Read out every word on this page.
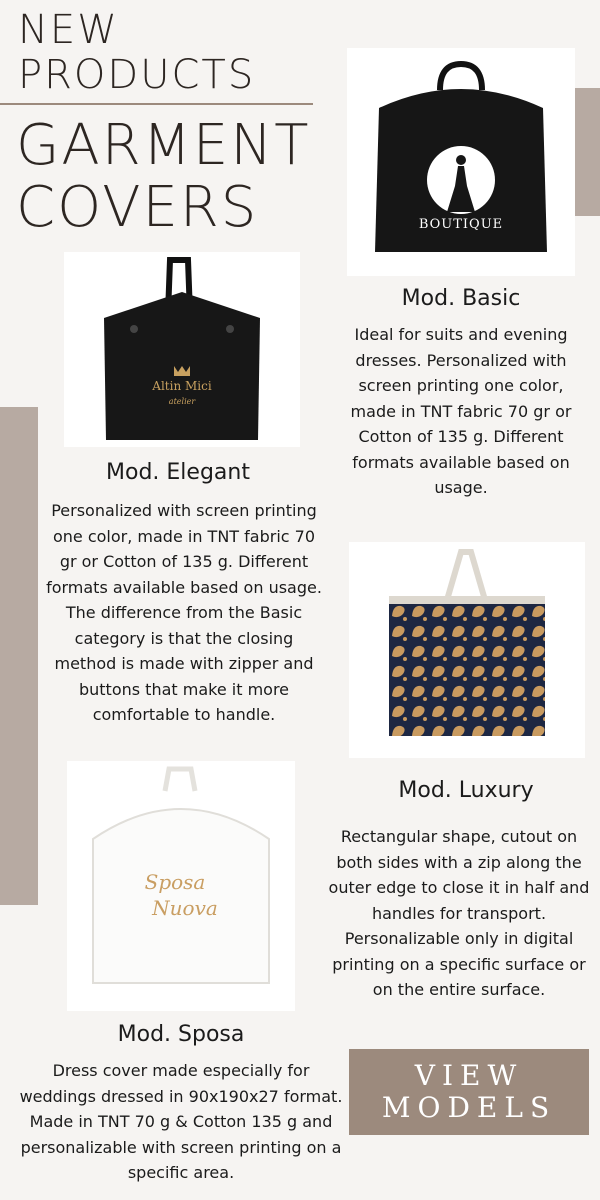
NEW
PRODUCTS
GARMENT
COVERS	BOUTIQUE
Mod. Basic
Ideal for suits and evening dresses. Personalized with screen printing one color, made in TNT fabric 70 gr or Cotton of 135 g. Different formats available based on usage.
Altin Mici
atelier
Mod. Elegant
Personalized with screen printing one color, made in TNT fabric 70 gr or Cotton of 135 g. Different formats available based on usage. The difference from the Basic category is that the closing method is made with zipper and buttons that make it more comfortable to handle.
Mod. Luxury
Rectangular shape, cutout on both sides with a zip along the outer edge to close it in half and handles for transport. Personalizable only in digital printing on a specific surface or on the entire surface.
Sposa
Nuova
Mod. Sposa
Dress cover made especially for weddings dressed in 90x190x27 format. Made in TNT 70 g & Cotton 135 g and personalizable with screen printing on a specific area.
VIEW
MODELS
